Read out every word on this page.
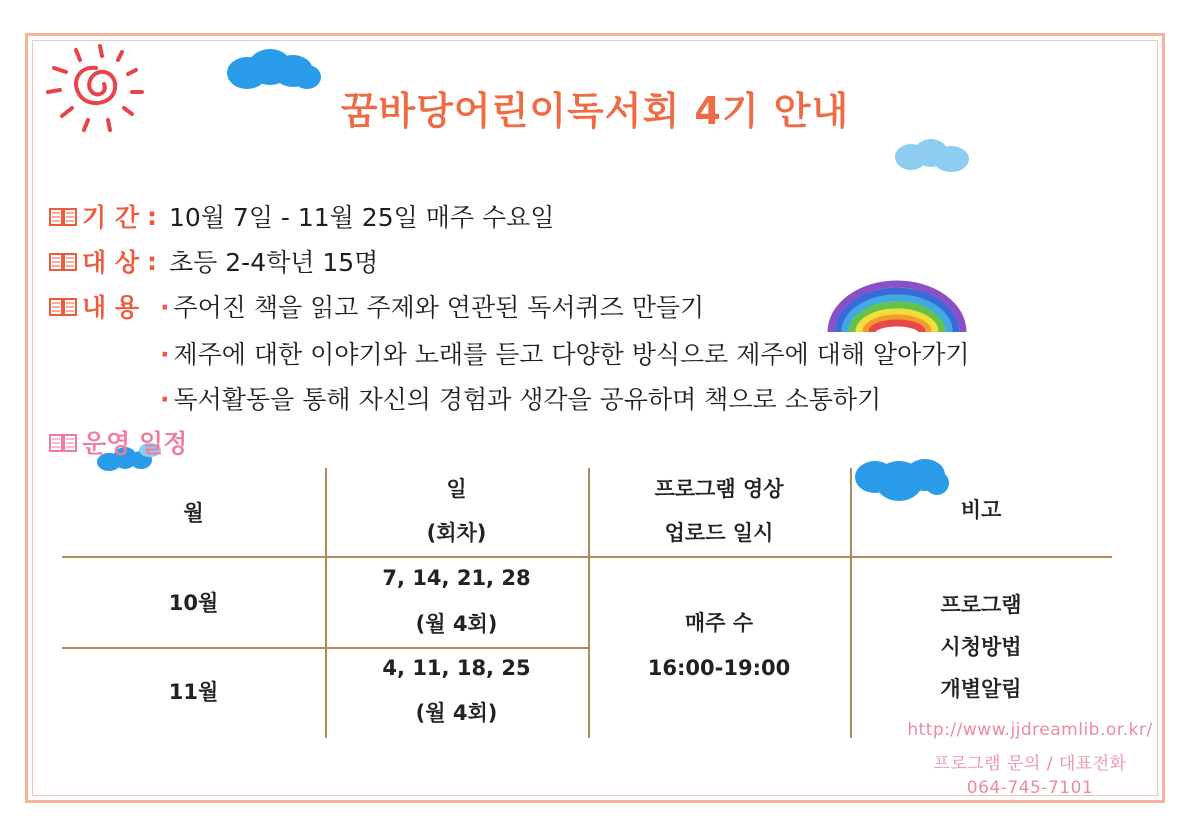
꿈바당어린이독서회 4기 안내
기 간 : 10월 7일 - 11월 25일 매주 수요일
대 상 : 초등 2-4학년 15명
내 용 · 주어진 책을 읽고 주제와 연관된 독서퀴즈 만들기
· 제주에 대한 이야기와 노래를 듣고 다양한 방식으로 제주에 대해 알아가기
· 독서활동을 통해 자신의 경험과 생각을 공유하며 책으로 소통하기
운영 일정
월
일
(회차)
프로그램 영상
업로드 일시
비고
10월
7, 14, 21, 28
(월 4회)
11월
4, 11, 18, 25
(월 4회)
매주 수
16:00-19:00
프로그램
시청방법
개별알림
http://www.jjdreamlib.or.kr/
프로그램 문의 / 대표전화
064-745-7101
